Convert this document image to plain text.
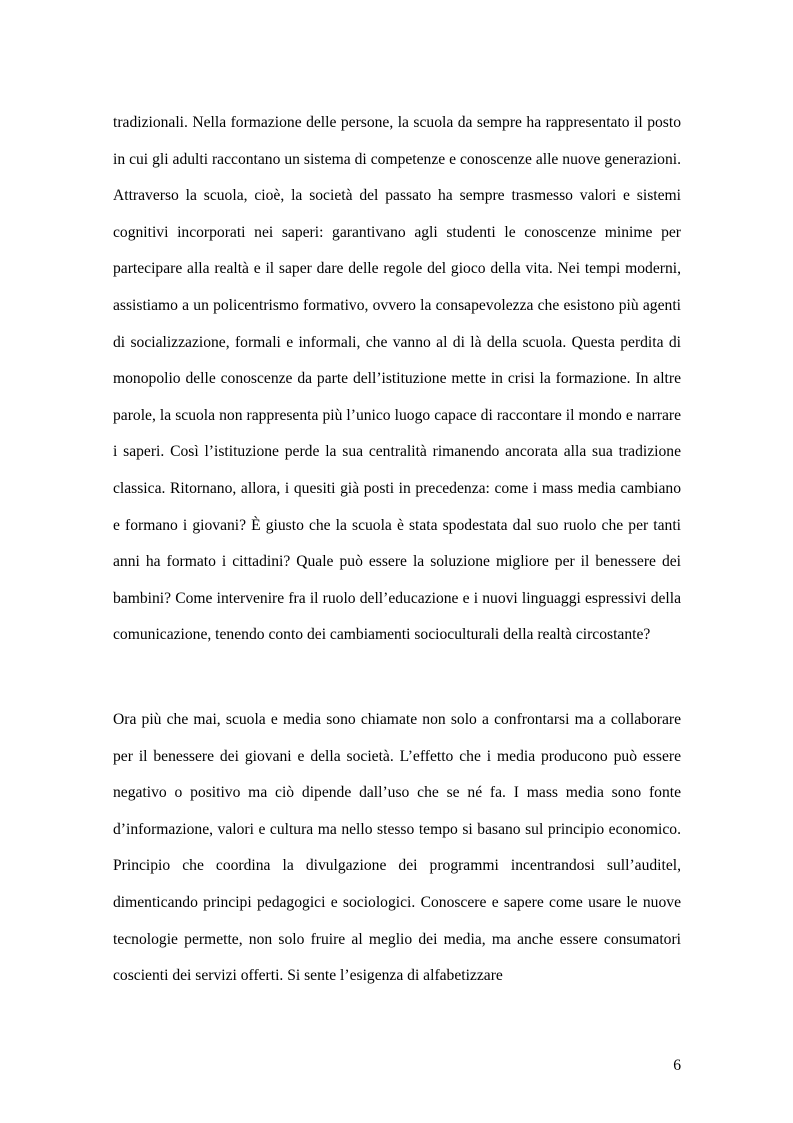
tradizionali. Nella formazione delle persone, la scuola da sempre ha rappresentato il posto in cui gli adulti raccontano un sistema di competenze e conoscenze alle nuove generazioni. Attraverso la scuola, cioè, la società del passato ha sempre trasmesso valori e sistemi cognitivi incorporati nei saperi: garantivano agli studenti le conoscenze minime per partecipare alla realtà e il saper dare delle regole del gioco della vita. Nei tempi moderni, assistiamo a un policentrismo formativo, ovvero la consapevolezza che esistono più agenti di socializzazione, formali e informali, che vanno al di là della scuola. Questa perdita di monopolio delle conoscenze da parte dell’istituzione mette in crisi la formazione. In altre parole, la scuola non rappresenta più l’unico luogo capace di raccontare il mondo e narrare i saperi. Così l’istituzione perde la sua centralità rimanendo ancorata alla sua tradizione classica. Ritornano, allora, i quesiti già posti in precedenza: come i mass media cambiano e formano i giovani? È giusto che la scuola è stata spodestata dal suo ruolo che per tanti anni ha formato i cittadini? Quale può essere la soluzione migliore per il benessere dei bambini? Come intervenire fra il ruolo dell’educazione e i nuovi linguaggi espressivi della comunicazione, tenendo conto dei cambiamenti socioculturali della realtà circostante?

Ora più che mai, scuola e media sono chiamate non solo a confrontarsi ma a collaborare per il benessere dei giovani e della società. L’effetto che i media producono può essere negativo o positivo ma ciò dipende dall’uso che se né fa. I mass media sono fonte d’informazione, valori e cultura ma nello stesso tempo si basano sul principio economico. Principio che coordina la divulgazione dei programmi incentrandosi sull’auditel, dimenticando principi pedagogici e sociologici. Conoscere e sapere come usare le nuove tecnologie permette, non solo fruire al meglio dei media, ma anche essere consumatori coscienti dei servizi offerti. Si sente l’esigenza di alfabetizzare

6
